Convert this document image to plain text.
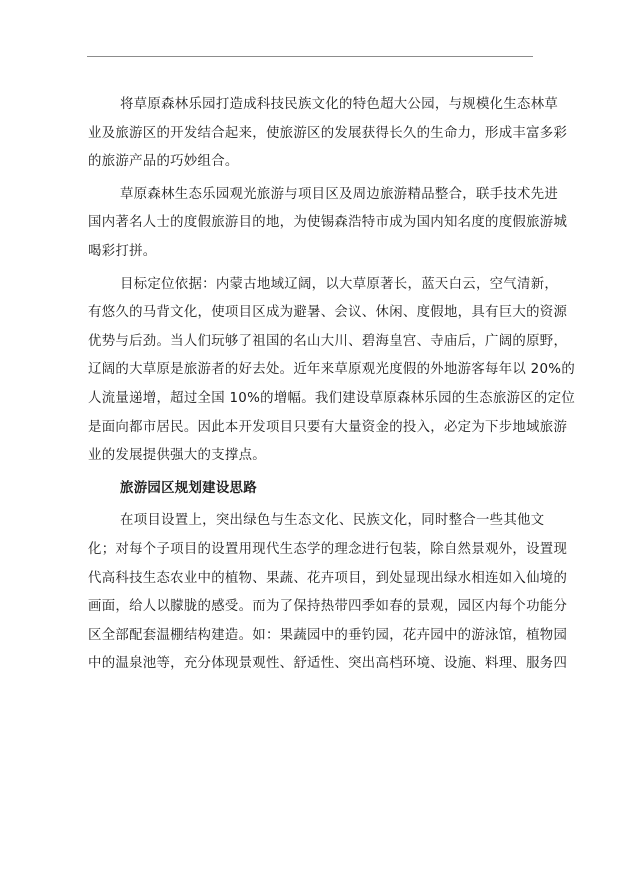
将草原森林乐园打造成科技民族文化的特色超大公园，与规模化生态林草
业及旅游区的开发结合起来，使旅游区的发展获得长久的生命力，形成丰富多彩
的旅游产品的巧妙组合。

草原森林生态乐园观光旅游与项目区及周边旅游精品整合，联手技术先进
国内著名人士的度假旅游目的地，为使锡森浩特市成为国内知名度的度假旅游城
喝彩打拼。

目标定位依据：内蒙古地域辽阔，以大草原著长，蓝天白云，空气清新，
有悠久的马背文化，使项目区成为避暑、会议、休闲、度假地，具有巨大的资源
优势与后劲。当人们玩够了祖国的名山大川、碧海皇宫、寺庙后，广阔的原野，
辽阔的大草原是旅游者的好去处。近年来草原观光度假的外地游客每年以 20%的
人流量递增，超过全国 10%的增幅。我们建设草原森林乐园的生态旅游区的定位
是面向都市居民。因此本开发项目只要有大量资金的投入，必定为下步地域旅游
业的发展提供强大的支撑点。

旅游园区规划建设思路

在项目设置上，突出绿色与生态文化、民族文化，同时整合一些其他文
化；对每个子项目的设置用现代生态学的理念进行包装，除自然景观外，设置现
代高科技生态农业中的植物、果蔬、花卉项目，到处显现出绿水相连如入仙境的
画面，给人以朦胧的感受。而为了保持热带四季如春的景观，园区内每个功能分
区全部配套温棚结构建造。如：果蔬园中的垂钓园，花卉园中的游泳馆，植物园
中的温泉池等，充分体现景观性、舒适性、突出高档环境、设施、料理、服务四
